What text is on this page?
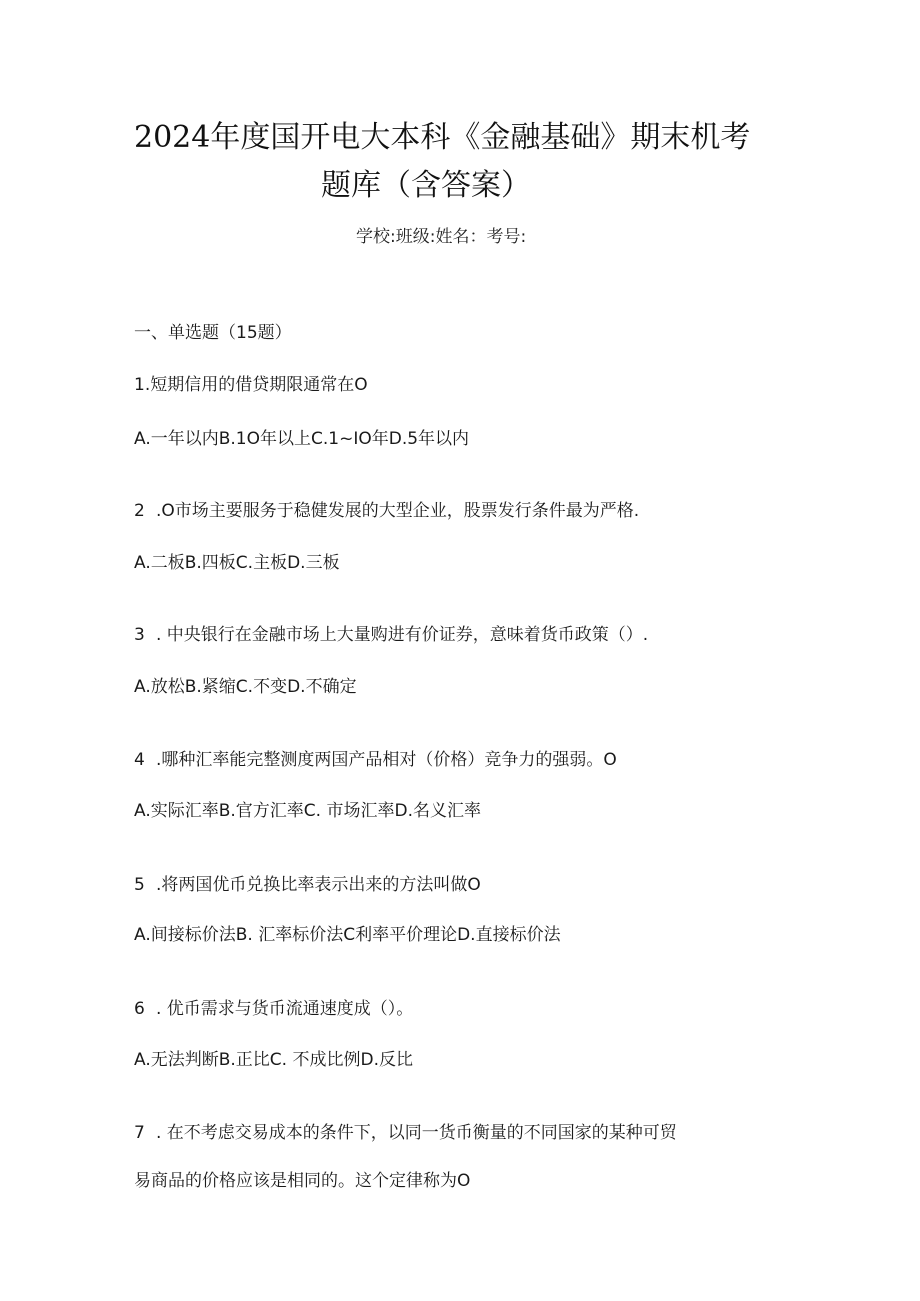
2024年度国开电大本科《金融基础》期末机考
题库（含答案）
学校:班级:姓名：考号:
一、单选题（15题）
1.短期信用的借贷期限通常在O
A.一年以内B.1O年以上C.1~IO年D.5年以内
2 .O市场主要服务于稳健发展的大型企业，股票发行条件最为严格.
A.二板B.四板C.主板D.三板
3 . 中央银行在金融市场上大量购进有价证券，意味着货币政策（）.
A.放松B.紧缩C.不变D.不确定
4 .哪种汇率能完整测度两国产品相对（价格）竞争力的强弱。O
A.实际汇率B.官方汇率C. 市场汇率D.名义汇率
5 .将两国优币兑换比率表示出来的方法叫做O
A.间接标价法B. 汇率标价法C利率平价理论D.直接标价法
6 . 优币需求与货币流通速度成（）。
A.无法判断B.正比C. 不成比例D.反比
7 . 在不考虑交易成本的条件下，以同一货币衡量的不同国家的某种可贸
易商品的价格应该是相同的。这个定律称为O
